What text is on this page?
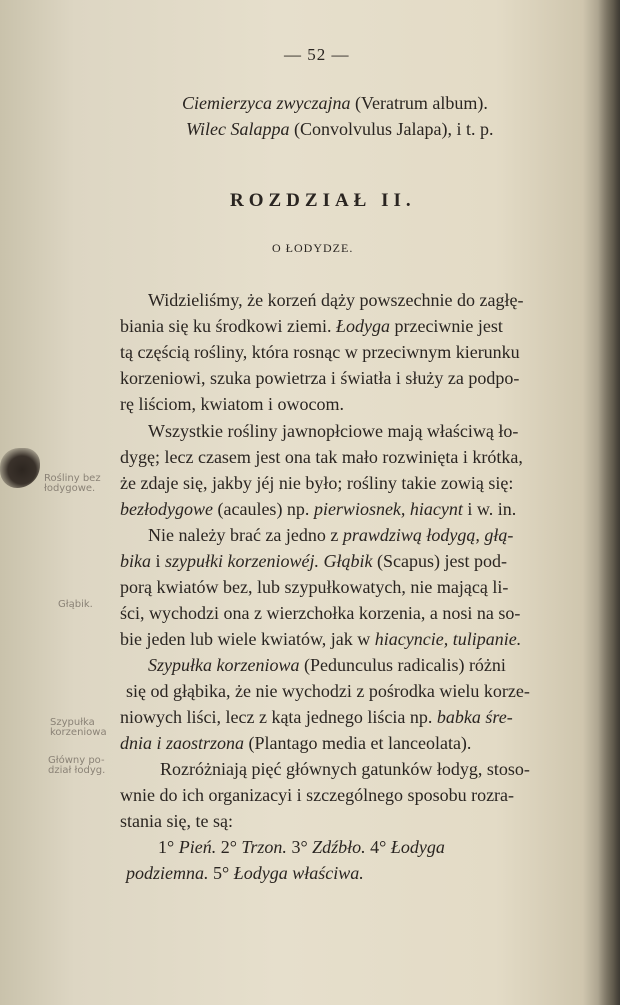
— 52 —
Ciemierzyca zwyczajna (Veratrum album).
Wilec Salappa (Convolvulus Jalapa), i t. p.
ROZDZIAŁ II.
O ŁODYDZE.
Widzieliśmy, że korzeń dąży powszechnie do zagłę-
biania się ku środkowi ziemi. Łodyga przeciwnie jest
tą częścią rośliny, która rosnąc w przeciwnym kierunku
korzeniowi, szuka powietrza i światła i służy za podpo-
rę liściom, kwiatom i owocom.
Wszystkie rośliny jawnopłciowe mają właściwą ło-
dygę; lecz czasem jest ona tak mało rozwinięta i krótka,
że zdaje się, jakby jéj nie było; rośliny takie zowią się:
bezłodygowe (acaules) np. pierwiosnek, hiacynt i w. in.
Nie należy brać za jedno z prawdziwą łodygą, głą-
bika i szypułki korzeniowéj. Głąbik (Scapus) jest pod-
porą kwiatów bez, lub szypułkowatych, nie mającą li-
ści, wychodzi ona z wierzchołka korzenia, a nosi na so-
bie jeden lub wiele kwiatów, jak w hiacyncie, tulipanie.
Szypułka korzeniowa (Pedunculus radicalis) różni
się od głąbika, że nie wychodzi z pośrodka wielu korze-
niowych liści, lecz z kąta jednego liścia np. babka śre-
dnia i zaostrzona (Plantago media et lanceolata).
Rozróżniają pięć głównych gatunków łodyg, stoso-
wnie do ich organizacyi i szczególnego sposobu rozra-
stania się, te są:
1° Pień. 2° Trzon. 3° Zdźbło. 4° Łodyga
podziemna. 5° Łodyga właściwa.
Rośliny bez
łodygowe.
Głąbik.
Szypułka
korzeniowa
Główny po-
dział łodyg.
